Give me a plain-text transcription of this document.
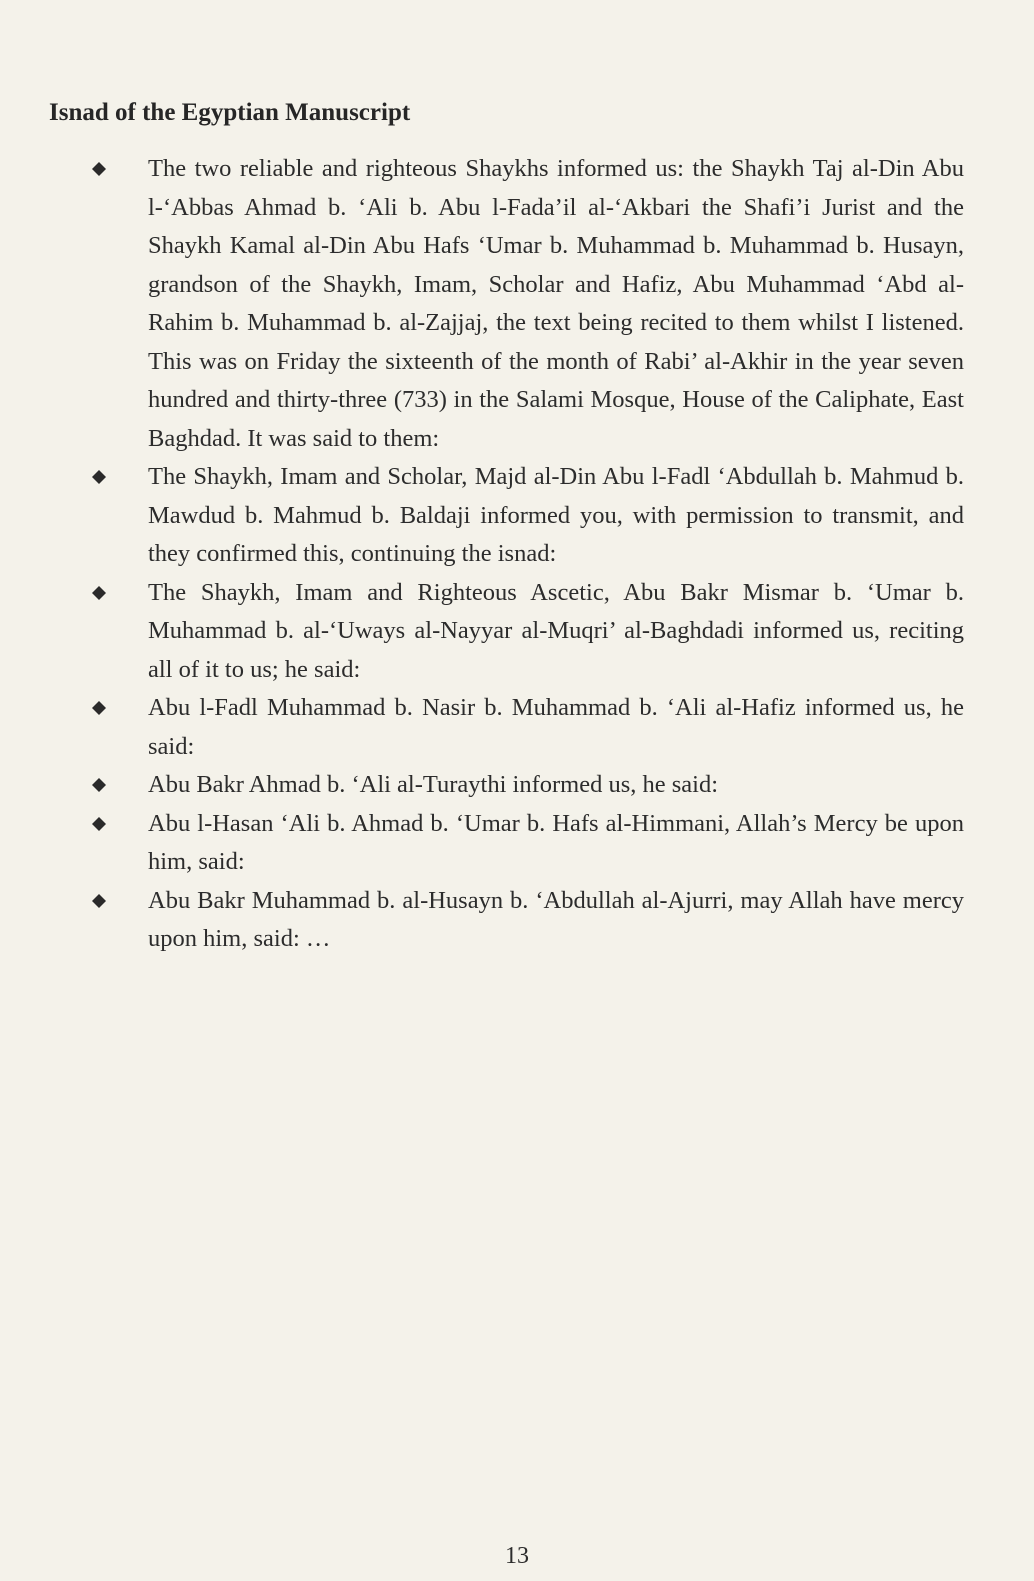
Isnad of the Egyptian Manuscript
The two reliable and righteous Shaykhs informed us: the Shaykh Taj al-Din Abu l-‘Abbas Ahmad b. ‘Ali b. Abu l-Fada’il al-‘Akbari the Shafi’i Jurist and the Shaykh Kamal al-Din Abu Hafs ‘Umar b. Muhammad b. Muhammad b. Husayn, grandson of the Shaykh, Imam, Scholar and Hafiz, Abu Muhammad ‘Abd al-Rahim b. Muhammad b. al-Zajjaj, the text being recited to them whilst I listened. This was on Friday the sixteenth of the month of Rabi’ al-Akhir in the year seven hundred and thirty-three (733) in the Salami Mosque, House of the Caliphate, East Baghdad. It was said to them:
The Shaykh, Imam and Scholar, Majd al-Din Abu l-Fadl ‘Abdullah b. Mahmud b. Mawdud b. Mahmud b. Baldaji informed you, with permission to transmit, and they confirmed this, continuing the isnad:
The Shaykh, Imam and Righteous Ascetic, Abu Bakr Mismar b. ‘Umar b. Muhammad b. al-‘Uways al-Nayyar al-Muqri’ al-Baghdadi informed us, reciting all of it to us; he said:
Abu l-Fadl Muhammad b. Nasir b. Muhammad b. ‘Ali al-Hafiz informed us, he said:
Abu Bakr Ahmad b. ‘Ali al-Turaythi informed us, he said:
Abu l-Hasan ‘Ali b. Ahmad b. ‘Umar b. Hafs al-Himmani, Allah’s Mercy be upon him, said:
Abu Bakr Muhammad b. al-Husayn b. ‘Abdullah al-Ajurri, may Allah have mercy upon him, said: …
13
